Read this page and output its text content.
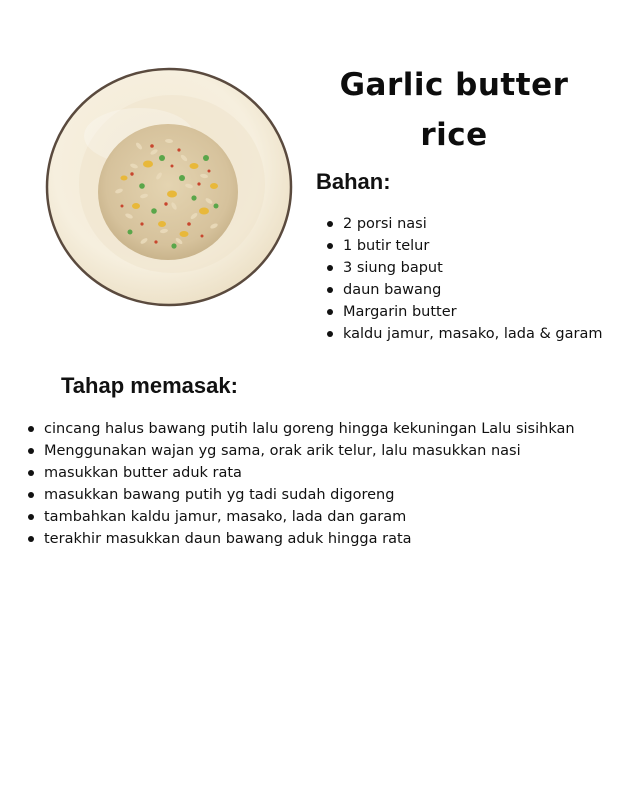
Garlic butter rice
Bahan:
2 porsi nasi
1 butir telur
3 siung baput
daun bawang
Margarin butter
kaldu jamur, masako, lada & garam
Tahap memasak:
cincang halus bawang putih lalu goreng hingga kekuningan Lalu sisihkan
Menggunakan wajan yg sama, orak arik telur, lalu masukkan nasi
masukkan butter aduk rata
masukkan bawang putih yg tadi sudah digoreng
tambahkan kaldu jamur, masako, lada dan garam
terakhir masukkan daun bawang aduk hingga rata
